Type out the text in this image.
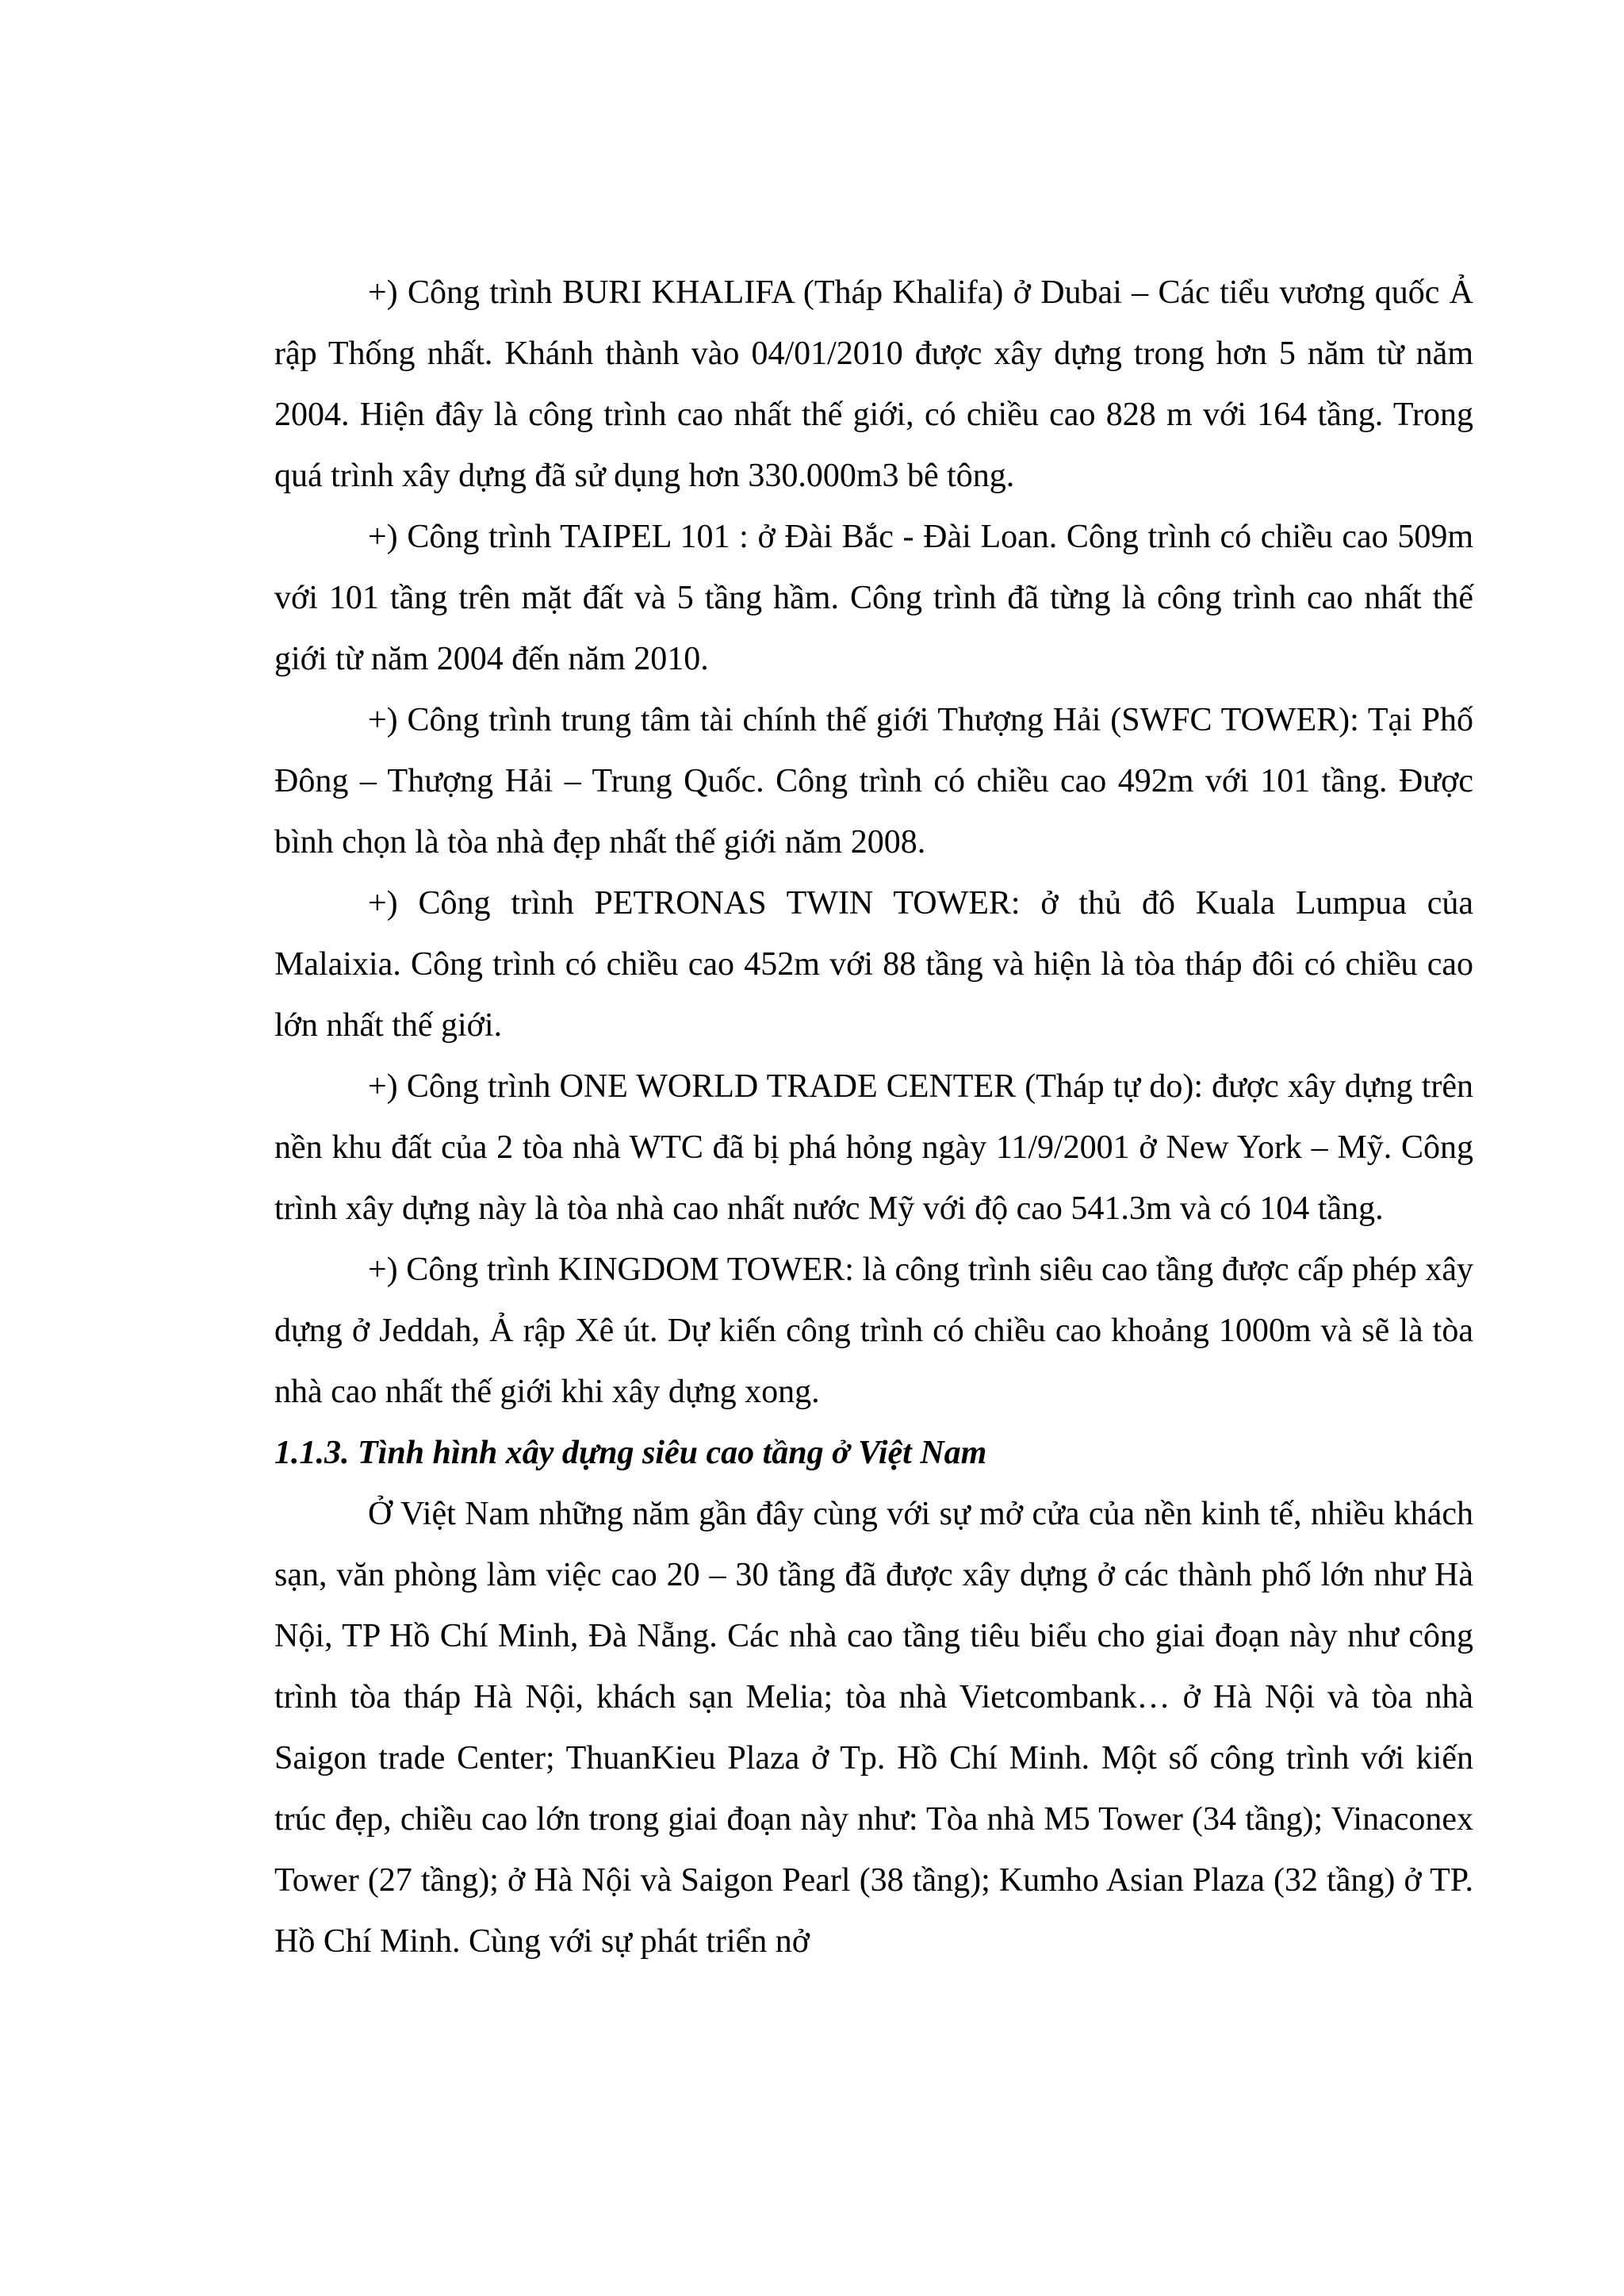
+) Công trình BURI KHALIFA (Tháp Khalifa) ở Dubai – Các tiểu vương quốc Ả rập Thống nhất. Khánh thành vào 04/01/2010 được xây dựng trong hơn 5 năm từ năm 2004. Hiện đây là công trình cao nhất thế giới, có chiều cao 828 m với 164 tầng. Trong quá trình xây dựng đã sử dụng hơn 330.000m3 bê tông.

+) Công trình TAIPEL 101 : ở Đài Bắc - Đài Loan. Công trình có chiều cao 509m với 101 tầng trên mặt đất và 5 tầng hầm. Công trình đã từng là công trình cao nhất thế giới từ năm 2004 đến năm 2010.

+) Công trình trung tâm tài chính thế giới Thượng Hải (SWFC TOWER): Tại Phố Đông – Thượng Hải – Trung Quốc. Công trình có chiều cao 492m với 101 tầng. Được bình chọn là tòa nhà đẹp nhất thế giới năm 2008.

+) Công trình PETRONAS TWIN TOWER: ở thủ đô Kuala Lumpua của Malaixia. Công trình có chiều cao 452m với 88 tầng và hiện là tòa tháp đôi có chiều cao lớn nhất thế giới.

+) Công trình ONE WORLD TRADE CENTER (Tháp tự do): được xây dựng trên nền khu đất của 2 tòa nhà WTC đã bị phá hỏng ngày 11/9/2001 ở New York – Mỹ. Công trình xây dựng này là tòa nhà cao nhất nước Mỹ với độ cao 541.3m và có 104 tầng.

+) Công trình KINGDOM TOWER: là công trình siêu cao tầng được cấp phép xây dựng ở Jeddah, Ả rập Xê út. Dự kiến công trình có chiều cao khoảng 1000m và sẽ là tòa nhà cao nhất thế giới khi xây dựng xong.

1.1.3. Tình hình xây dựng siêu cao tầng ở Việt Nam

Ở Việt Nam những năm gần đây cùng với sự mở cửa của nền kinh tế, nhiều khách sạn, văn phòng làm việc cao 20 – 30 tầng đã được xây dựng ở các thành phố lớn như Hà Nội, TP Hồ Chí Minh, Đà Nẵng. Các nhà cao tầng tiêu biểu cho giai đoạn này như công trình tòa tháp Hà Nội, khách sạn Melia; tòa nhà Vietcombank… ở Hà Nội và tòa nhà Saigon trade Center; ThuanKieu Plaza ở Tp. Hồ Chí Minh. Một số công trình với kiến trúc đẹp, chiều cao lớn trong giai đoạn này như: Tòa nhà M5 Tower (34 tầng); Vinaconex Tower (27 tầng); ở Hà Nội và Saigon Pearl (38 tầng); Kumho Asian Plaza (32 tầng) ở TP. Hồ Chí Minh. Cùng với sự phát triển nở
